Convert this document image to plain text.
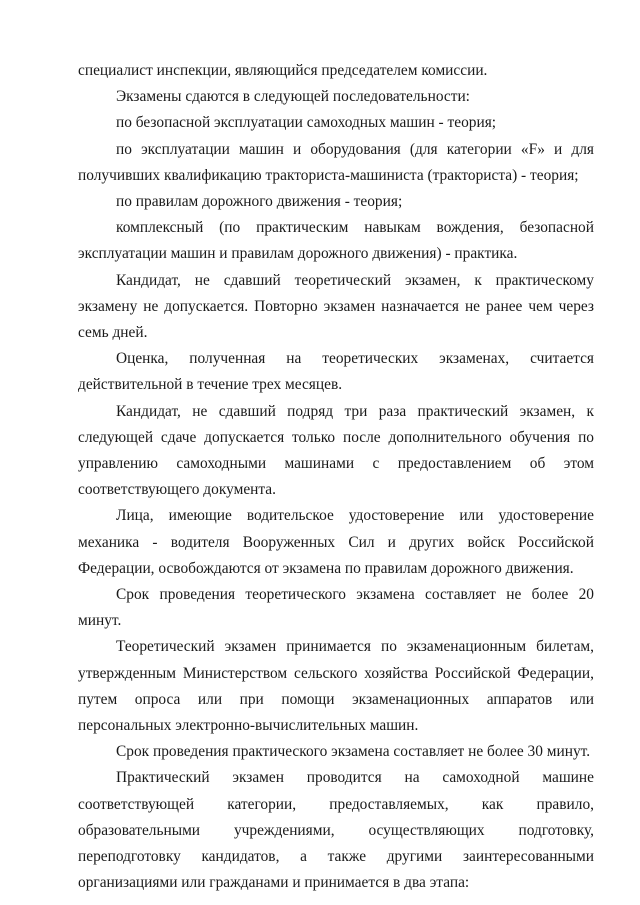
специалист инспекции, являющийся председателем комиссии.

Экзамены сдаются в следующей последовательности:

по безопасной эксплуатации самоходных машин - теория;

по эксплуатации машин и оборудования (для категории «F» и для получивших квалификацию тракториста-машиниста (тракториста) - теория;

по правилам дорожного движения - теория;

комплексный (по практическим навыкам вождения, безопасной эксплуатации машин и правилам дорожного движения) - практика.

Кандидат, не сдавший теоретический экзамен, к практическому экзамену не допускается. Повторно экзамен назначается не ранее чем через семь дней.

Оценка, полученная на теоретических экзаменах, считается действительной в течение трех месяцев.

Кандидат, не сдавший подряд три раза практический экзамен, к следующей сдаче допускается только после дополнительного обучения по управлению самоходными машинами с предоставлением об этом соответствующего документа.

Лица, имеющие водительское удостоверение или удостоверение механика - водителя Вооруженных Сил и других войск Российской Федерации, освобождаются от экзамена по правилам дорожного движения.

Срок проведения теоретического экзамена составляет не более 20 минут.

Теоретический экзамен принимается по экзаменационным билетам, утвержденным Министерством сельского хозяйства Российской Федерации, путем опроса или при помощи экзаменационных аппаратов или персональных электронно-вычислительных машин.

Срок проведения практического экзамена составляет не более 30 минут.

Практический экзамен проводится на самоходной машине соответствующей категории, предоставляемых, как правило, образовательными учреждениями, осуществляющих подготовку, переподготовку кандидатов, а также другими заинтересованными организациями или гражданами и принимается в два этапа:
